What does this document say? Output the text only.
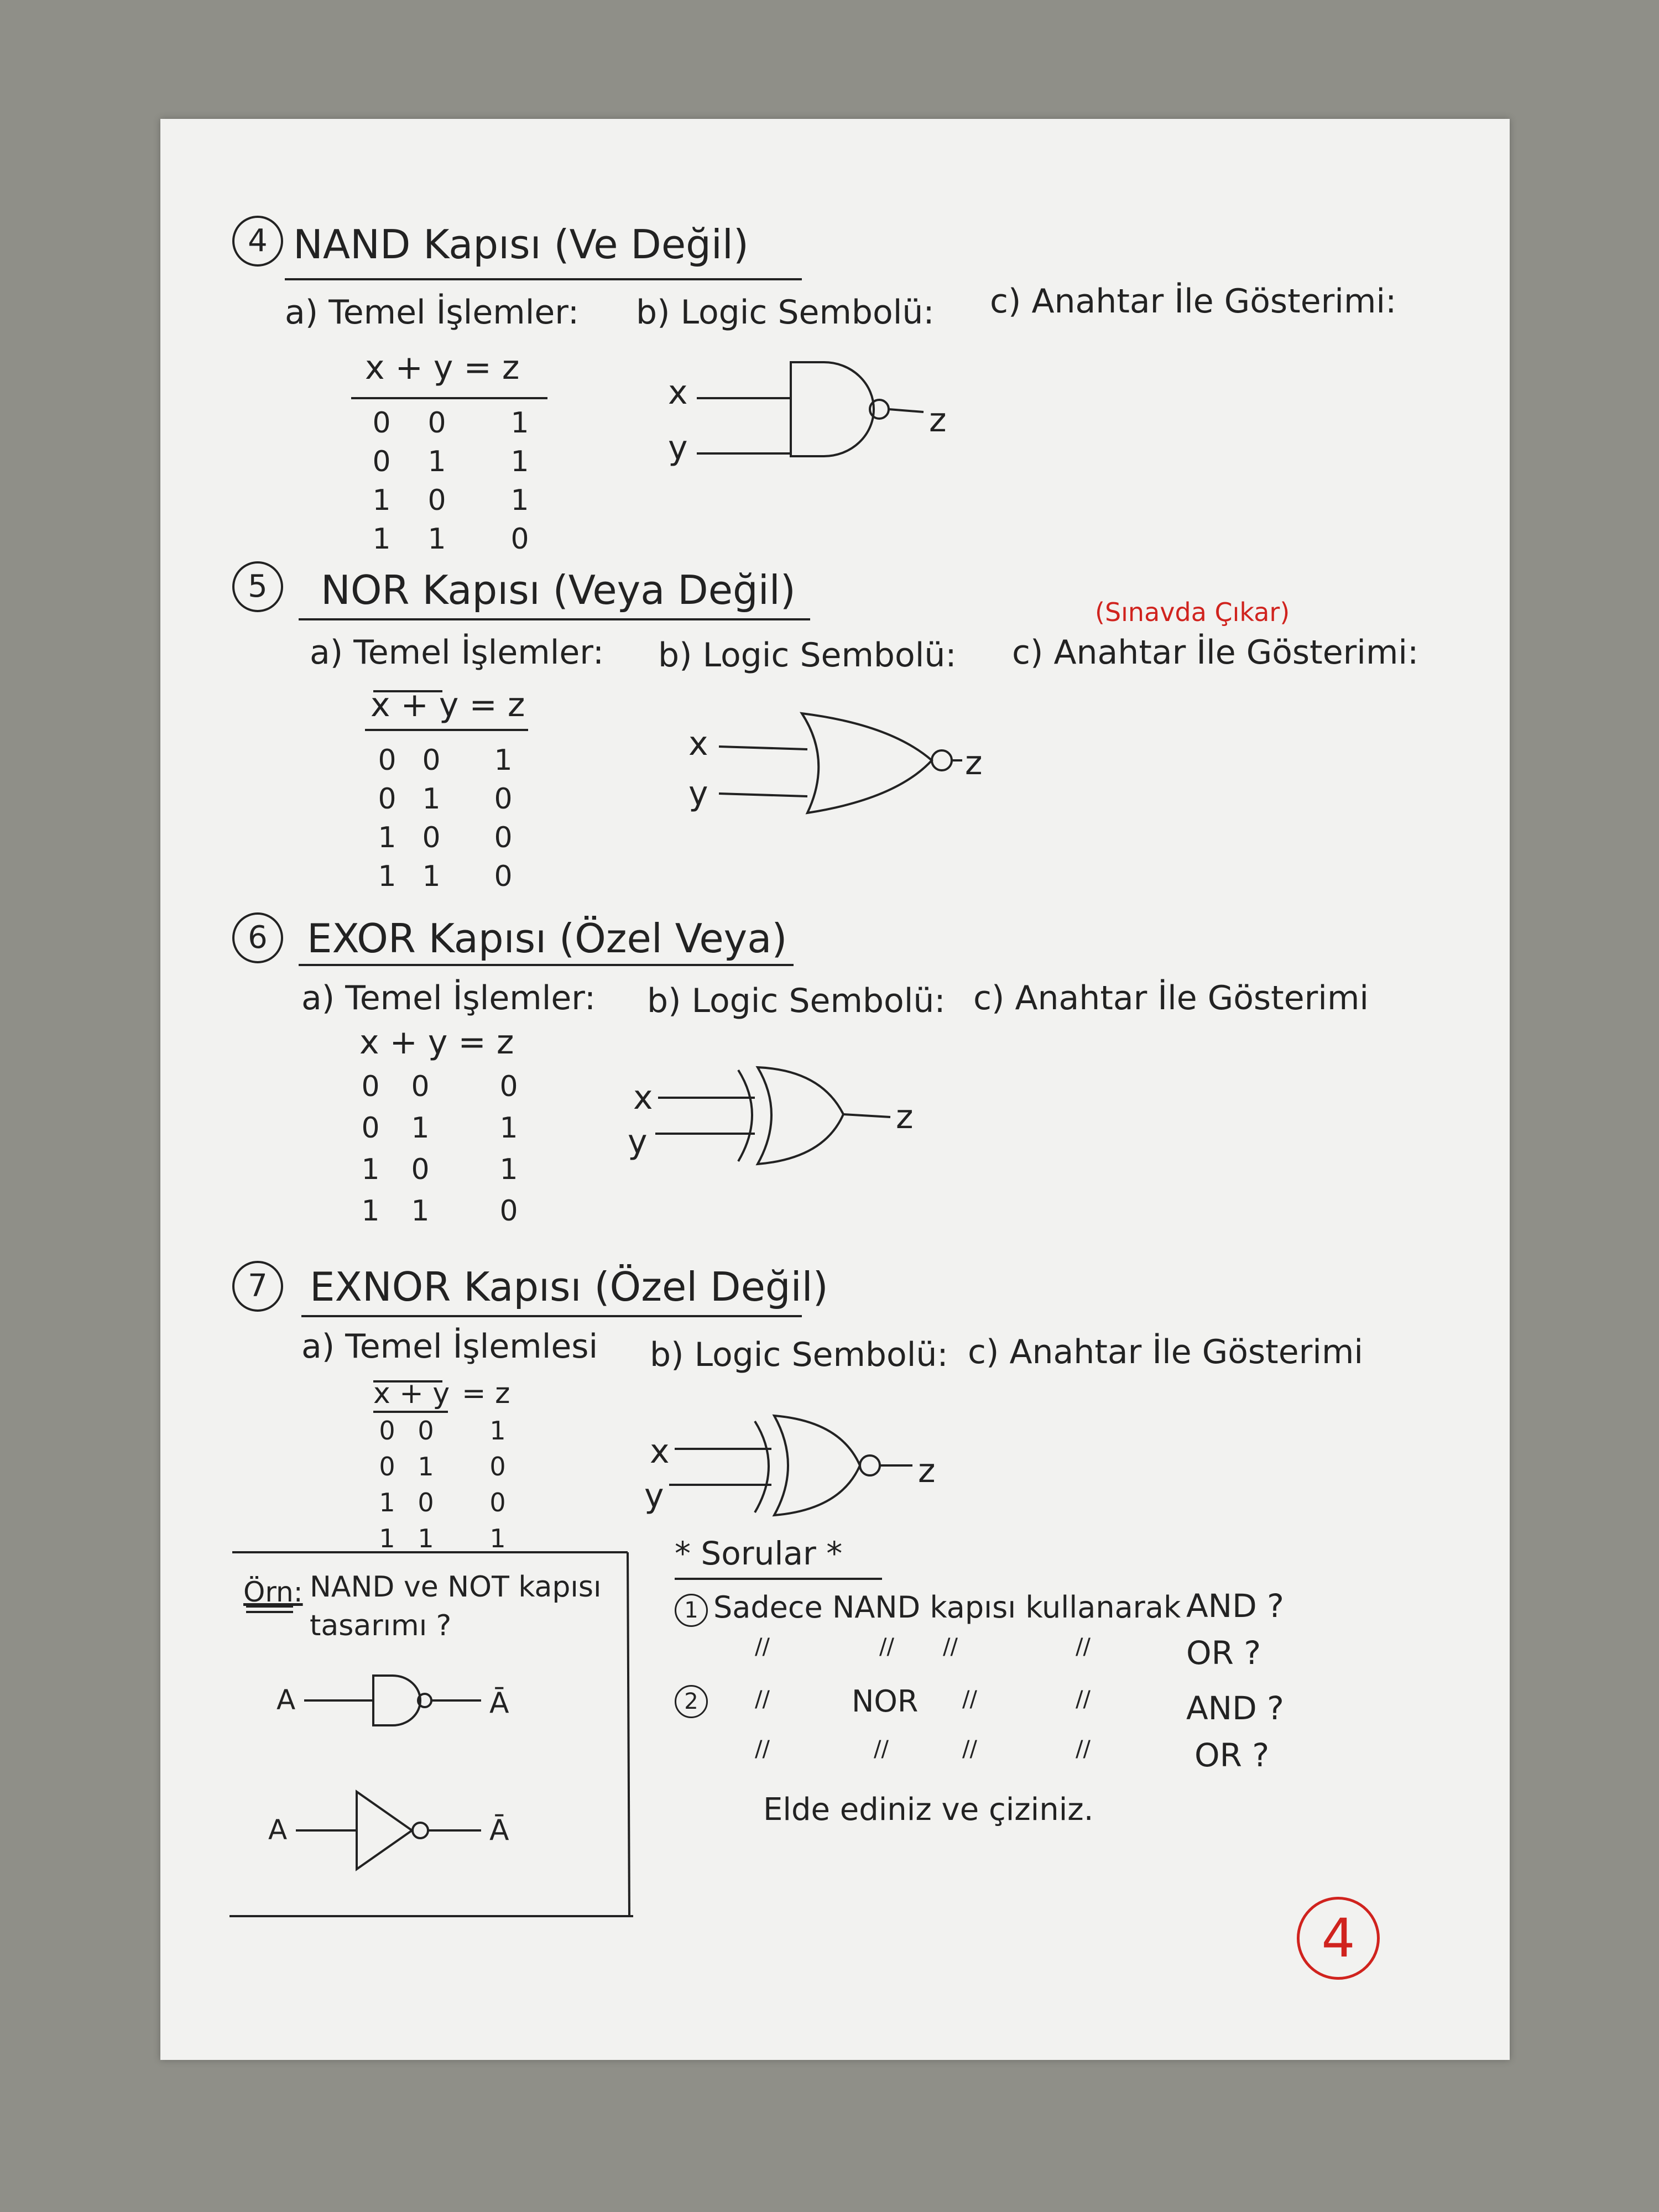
4 NAND Kapısı (Ve Değil)
a) Temel İşlemler: b) Logic Sembolü: c) Anahtar İle Gösterimi:
x + y = z
0	0	1
0	1	1
1	0	1
1	1	0
x
y
z
5	NOR Kapısı (Veya Değil)	(Sınavda Çıkar)
a) Temel İşlemler: b) Logic Sembolü: c) Anahtar İle Gösterimi:
x + y = z
0 0	1
0 1	0
1 0	0
1 1	0
x
y
z
6 EXOR Kapısı (Özel Veya)
a) Temel İşlemler: b) Logic Sembolü: c) Anahtar İle Gösterimi
x + y = z
0	0	0
0	1	1
1	0	1
1	1	0
x
y
z
7	EXNOR Kapısı (Özel Değil)
a) Temel İşlemlesi b) Logic Sembolü: c) Anahtar İle Gösterimi
x + y = z
0 0	1
0 1	0
1 0	0
1 1	1
x
y
z
Örn: NAND ve NOT kapısı
tasarımı ?
A	Ā
A	Ā
* Sorular *
1 Sadece NAND kapısı kullanarak AND ?
//	// //	//	OR ?
2	//	NOR //	//	AND ?
//	//	//	//	OR ?
Elde ediniz ve çiziniz.
4
